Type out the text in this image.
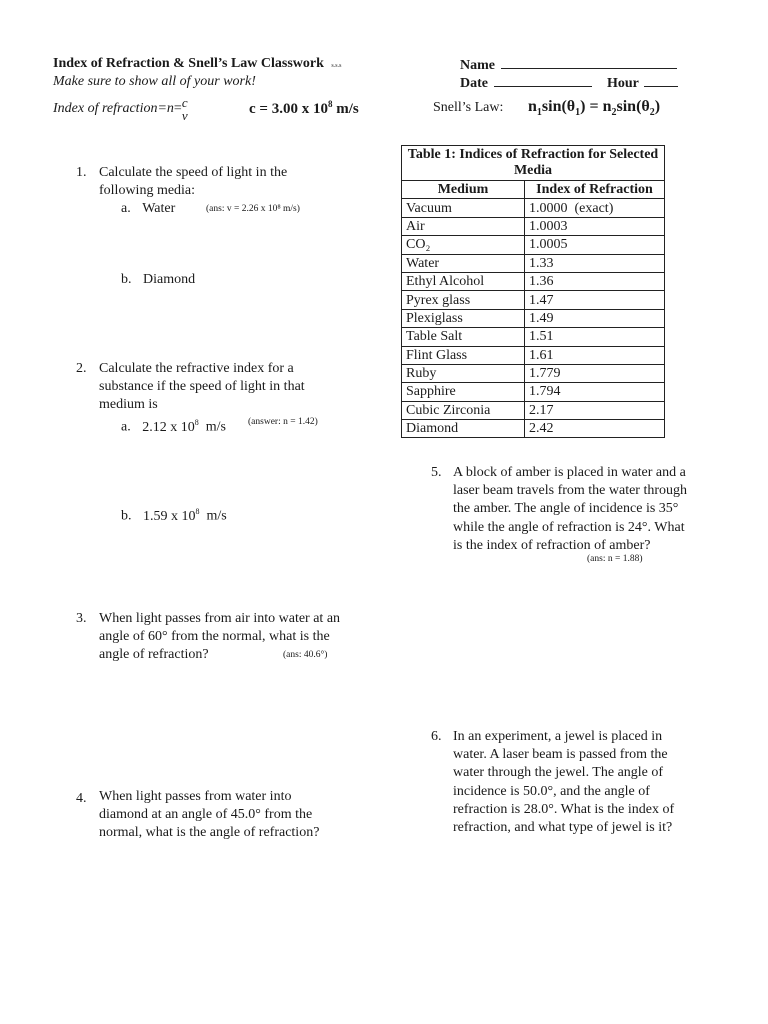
Index of Refraction & Snell’s Law Classwork s.s.s
Make sure to show all of your work!
Name
Date	Hour
Index of refraction=n= c
v	c = 3.00 x $10^8$ m/s	Snell’s Law: $n_1\sin(\theta_1) = n_2\sin(\theta_2)$
Table 1: Indices of Refraction for Selected Media	
Medium	Index of Refraction
Vacuum	1.0000  (exact)
Air	1.0003
CO₂	1.0005
Water	1.33
Ethyl Alcohol	1.36
Pyrex glass	1.47
Plexiglass	1.49
Table Salt	1.51
Flint Glass	1.61
Ruby	1.779
Sapphire	1.794
Cubic Zirconia	2.17
Diamond	2.42
1. Calculate the speed of light in the
following media:
a. Water	(ans: v = 2.26 x 10⁸ m/s)
b. Diamond
2. Calculate the refractive index for a
substance if the speed of light in that
medium is
a. 2.12 x $10^8$  m/s (answer: n = 1.42)
b. 1.59 x $10^8$  m/s
3. When light passes from air into water at an
angle of 60° from the normal, what is the
angle of refraction?	(ans: 40.6°)
4. When light passes from water into
diamond at an angle of 45.0° from the
normal, what is the angle of refraction?
5. A block of amber is placed in water and a
laser beam travels from the water through
the amber. The angle of incidence is 35°
while the angle of refraction is 24°. What
is the index of refraction of amber?
(ans: n = 1.88)
6. In an experiment, a jewel is placed in
water. A laser beam is passed from the
water through the jewel. The angle of
incidence is 50.0°, and the angle of
refraction is 28.0°. What is the index of
refraction, and what type of jewel is it?
